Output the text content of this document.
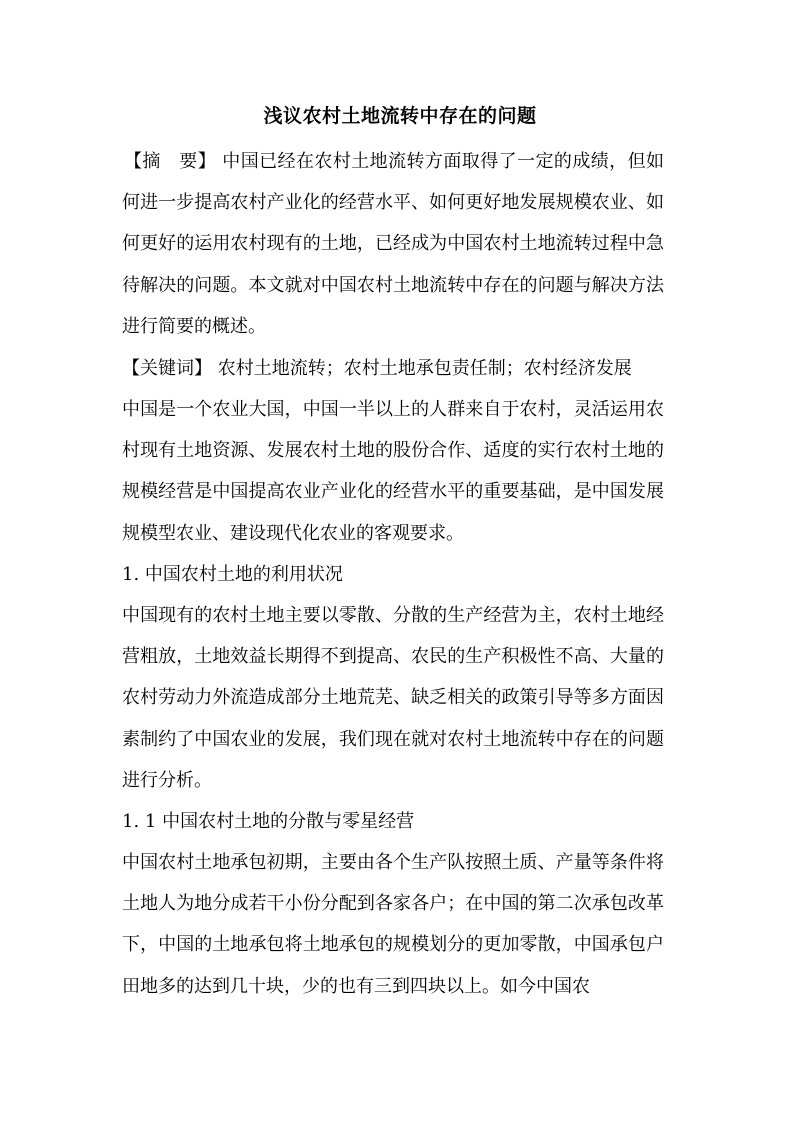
浅议农村土地流转中存在的问题
【摘　要】 中国已经在农村土地流转方面取得了一定的成绩，但如何进一步提高农村产业化的经营水平、如何更好地发展规模农业、如何更好的运用农村现有的土地，已经成为中国农村土地流转过程中急待解决的问题。本文就对中国农村土地流转中存在的问题与解决方法进行简要的概述。
【关键词】 农村土地流转；农村土地承包责任制；农村经济发展
中国是一个农业大国，中国一半以上的人群来自于农村，灵活运用农村现有土地资源、发展农村土地的股份合作、适度的实行农村土地的规模经营是中国提高农业产业化的经营水平的重要基础，是中国发展规模型农业、建设现代化农业的客观要求。
1. 中国农村土地的利用状况
中国现有的农村土地主要以零散、分散的生产经营为主，农村土地经营粗放，土地效益长期得不到提高、农民的生产积极性不高、大量的农村劳动力外流造成部分土地荒芜、缺乏相关的政策引导等多方面因素制约了中国农业的发展，我们现在就对农村土地流转中存在的问题进行分析。
1. 1 中国农村土地的分散与零星经营
中国农村土地承包初期，主要由各个生产队按照土质、产量等条件将土地人为地分成若干小份分配到各家各户；在中国的第二次承包改革下，中国的土地承包将土地承包的规模划分的更加零散，中国承包户田地多的达到几十块，少的也有三到四块以上。如今中国农
